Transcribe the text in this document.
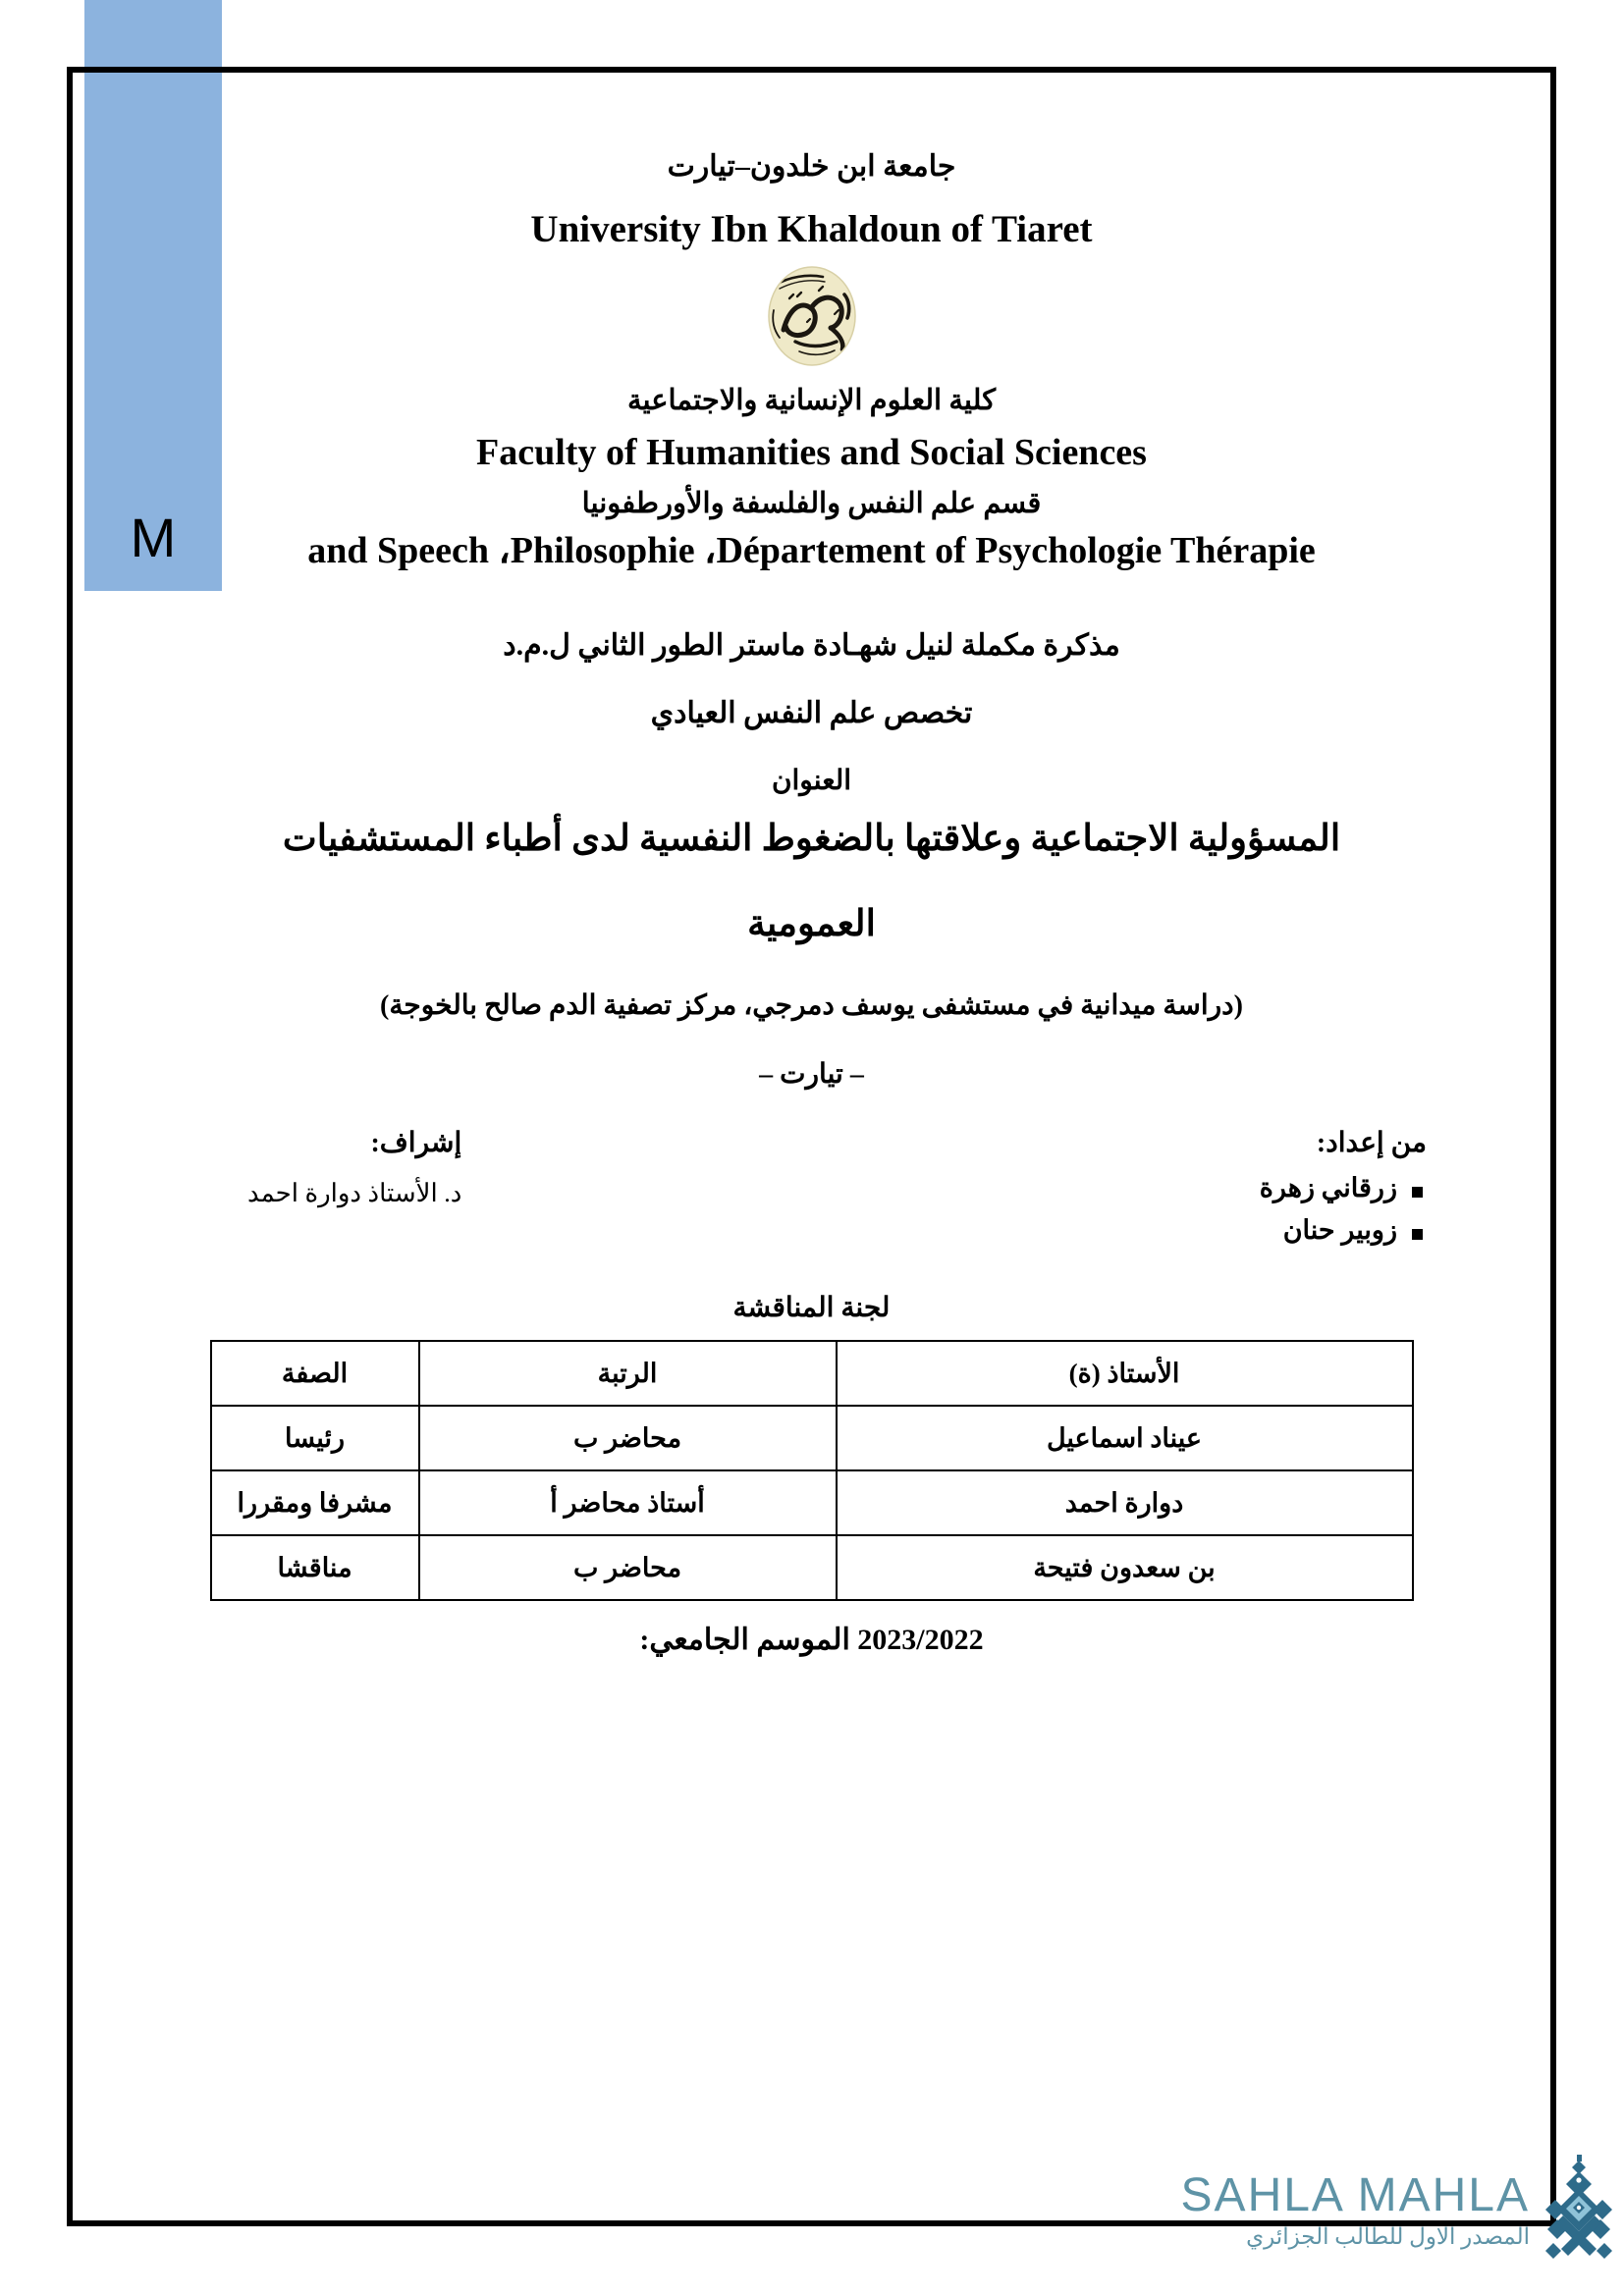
M
جامعة ابن خلدون–تيارت
University Ibn Khaldoun of Tiaret
كلية العلوم الإنسانية والاجتماعية
Faculty of Humanities and Social Sciences
قسم علم النفس والفلسفة والأورطفونيا
and Speech ،Philosophie ،Département of Psychologie Thérapie
مذكرة مكملة لنيل شهـادة ماستر الطور الثاني ل.م.د
تخصص علم النفس العيادي
العنوان
المسؤولية الاجتماعية وعلاقتها بالضغوط النفسية لدى أطباء المستشفيات
العمومية
(دراسة ميدانية في مستشفى يوسف دمرجي، مركز تصفية الدم صالح بالخوجة)
– تيارت –
من إعداد:
زرقاني زهرة
زوبير حنان
إشراف:
د. الأستاذ دوارة احمد
لجنة المناقشة
الأستاذ (ة)	الرتبة	الصفة
عيناد اسماعيل	محاضر ب	رئيسا
دوارة احمد	أستاذ محاضر أ	مشرفا ومقررا
بن سعدون فتيحة	محاضر ب	مناقشا
2023/2022 الموسم الجامعي:
SAHLA MAHLA
المصدر الاول للطالب الجزائري
